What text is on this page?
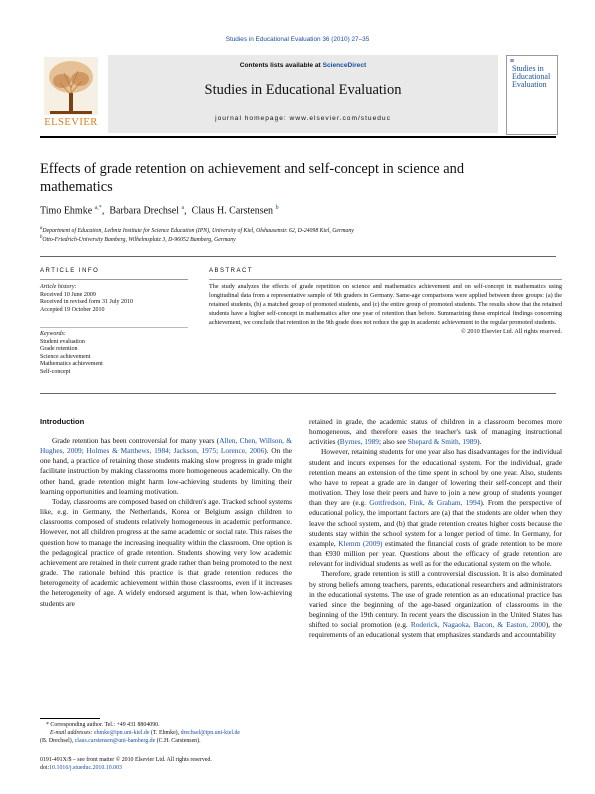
Studies in Educational Evaluation 36 (2010) 27–35
Contents lists available at ScienceDirect
Studies in Educational Evaluation
journal homepage: www.elsevier.com/stueduc
ELSEVIER
⊠
Studies in Educational Evaluation
Effects of grade retention on achievement and self-concept in science and mathematics
Timo Ehmke $^{a,*}$,  Barbara Drechsel $^a$,  Claus H. Carstensen $^b$
$^a$Department of Education, Leibniz Institute for Science Education (IPN), University of Kiel, Olshausenstr. 62, D-24098 Kiel, Germany
$^b$Otto-Friedrich-University Bamberg, Wilhelmsplatz 3, D-96052 Bamberg, Germany
ARTICLE INFO
Article history:
Received 10 June 2009
Received in revised form 31 July 2010
Accepted 19 October 2010
Keywords:
Student evaluation
Grade retention
Science achievement
Mathematics achievement
Self-concept
ABSTRACT
The study analyzes the effects of grade repetition on science and mathematics achievement and on self-concept in mathematics using longitudinal data from a representative sample of 9th graders in Germany. Same-age comparisons were applied between three groups: (a) the retained students, (b) a matched group of promoted students, and (c) the entire group of promoted students. The results show that the retained students have a higher self-concept in mathematics after one year of retention than before. Summarizing these empirical findings concerning achievement, we conclude that retention in the 9th grade does not reduce the gap in academic achievement to the regular promoted students.
© 2010 Elsevier Ltd. All rights reserved.
Introduction

Grade retention has been controversial for many years (Allen, Chen, Willson, & Hughes, 2009; Holmes & Matthews, 1984; Jackson, 1975; Lorence, 2006). On the one hand, a practice of retaining those students making slow progress in grade might facilitate instruction by making classrooms more homogeneous academically. On the other hand, grade retention might harm low-achieving students by limiting their learning opportunities and learning motivation.

Today, classrooms are composed based on children's age. Tracked school systems like, e.g. in Germany, the Netherlands, Korea or Belgium assign children to classrooms composed of students relatively homogeneous in academic performance. However, not all children progress at the same academic or social rate. This raises the question how to manage the increasing inequality within the classroom. One option is the pedagogical practice of grade retention. Students showing very low academic achievement are retained in their current grade rather than being promoted to the next grade. The rationale behind this practice is that grade retention reduces the heterogeneity of academic achievement within those classrooms, even if it increases the heterogeneity of age. A widely endorsed argument is that, when low-achieving students are

retained in grade, the academic status of children in a classroom becomes more homogeneous, and therefore eases the teacher's task of managing instructional activities (Byrnes, 1989; also see Shepard & Smith, 1989).

However, retaining students for one year also has disadvantages for the individual student and incurs expenses for the educational system. For the individual, grade retention means an extension of the time spent in school by one year. Also, students who have to repeat a grade are in danger of lowering their self-concept and their motivation. They lose their peers and have to join a new group of students younger than they are (e.g. Gottfredson, Fink, & Graham, 1994). From the perspective of educational policy, the important factors are (a) that the students are older when they leave the school system, and (b) that grade retention creates higher costs because the students stay within the school system for a longer period of time. In Germany, for example, Klemm (2009) estimated the financial costs of grade retention to be more than €930 million per year. Questions about the efficacy of grade retention are relevant for individual students as well as for the educational system on the whole.

Therefore, grade retention is still a controversial discussion. It is also dominated by strong beliefs among teachers, parents, educational researchers and administrators in the educational systems. The use of grade retention as an educational practice has varied since the beginning of the age-based organization of classrooms in the beginning of the 19th century. In recent years the discussion in the United States has shifted to social promotion (e.g. Roderick, Nagaoka, Bacon, & Easton, 2000), the requirements of an educational system that emphasizes standards and accountability

* Corresponding author. Tel.: +49 431 8804090.
E-mail addresses: ehmke@ipn.uni-kiel.de (T. Ehmke), drechsel@ipn.uni-kiel.de
(B. Drechsel), claus.carstensen@uni-bamberg.de (C.H. Carstensen).
0191-491X/$ – see front matter © 2010 Elsevier Ltd. All rights reserved.
doi:10.1016/j.stueduc.2010.10.003
